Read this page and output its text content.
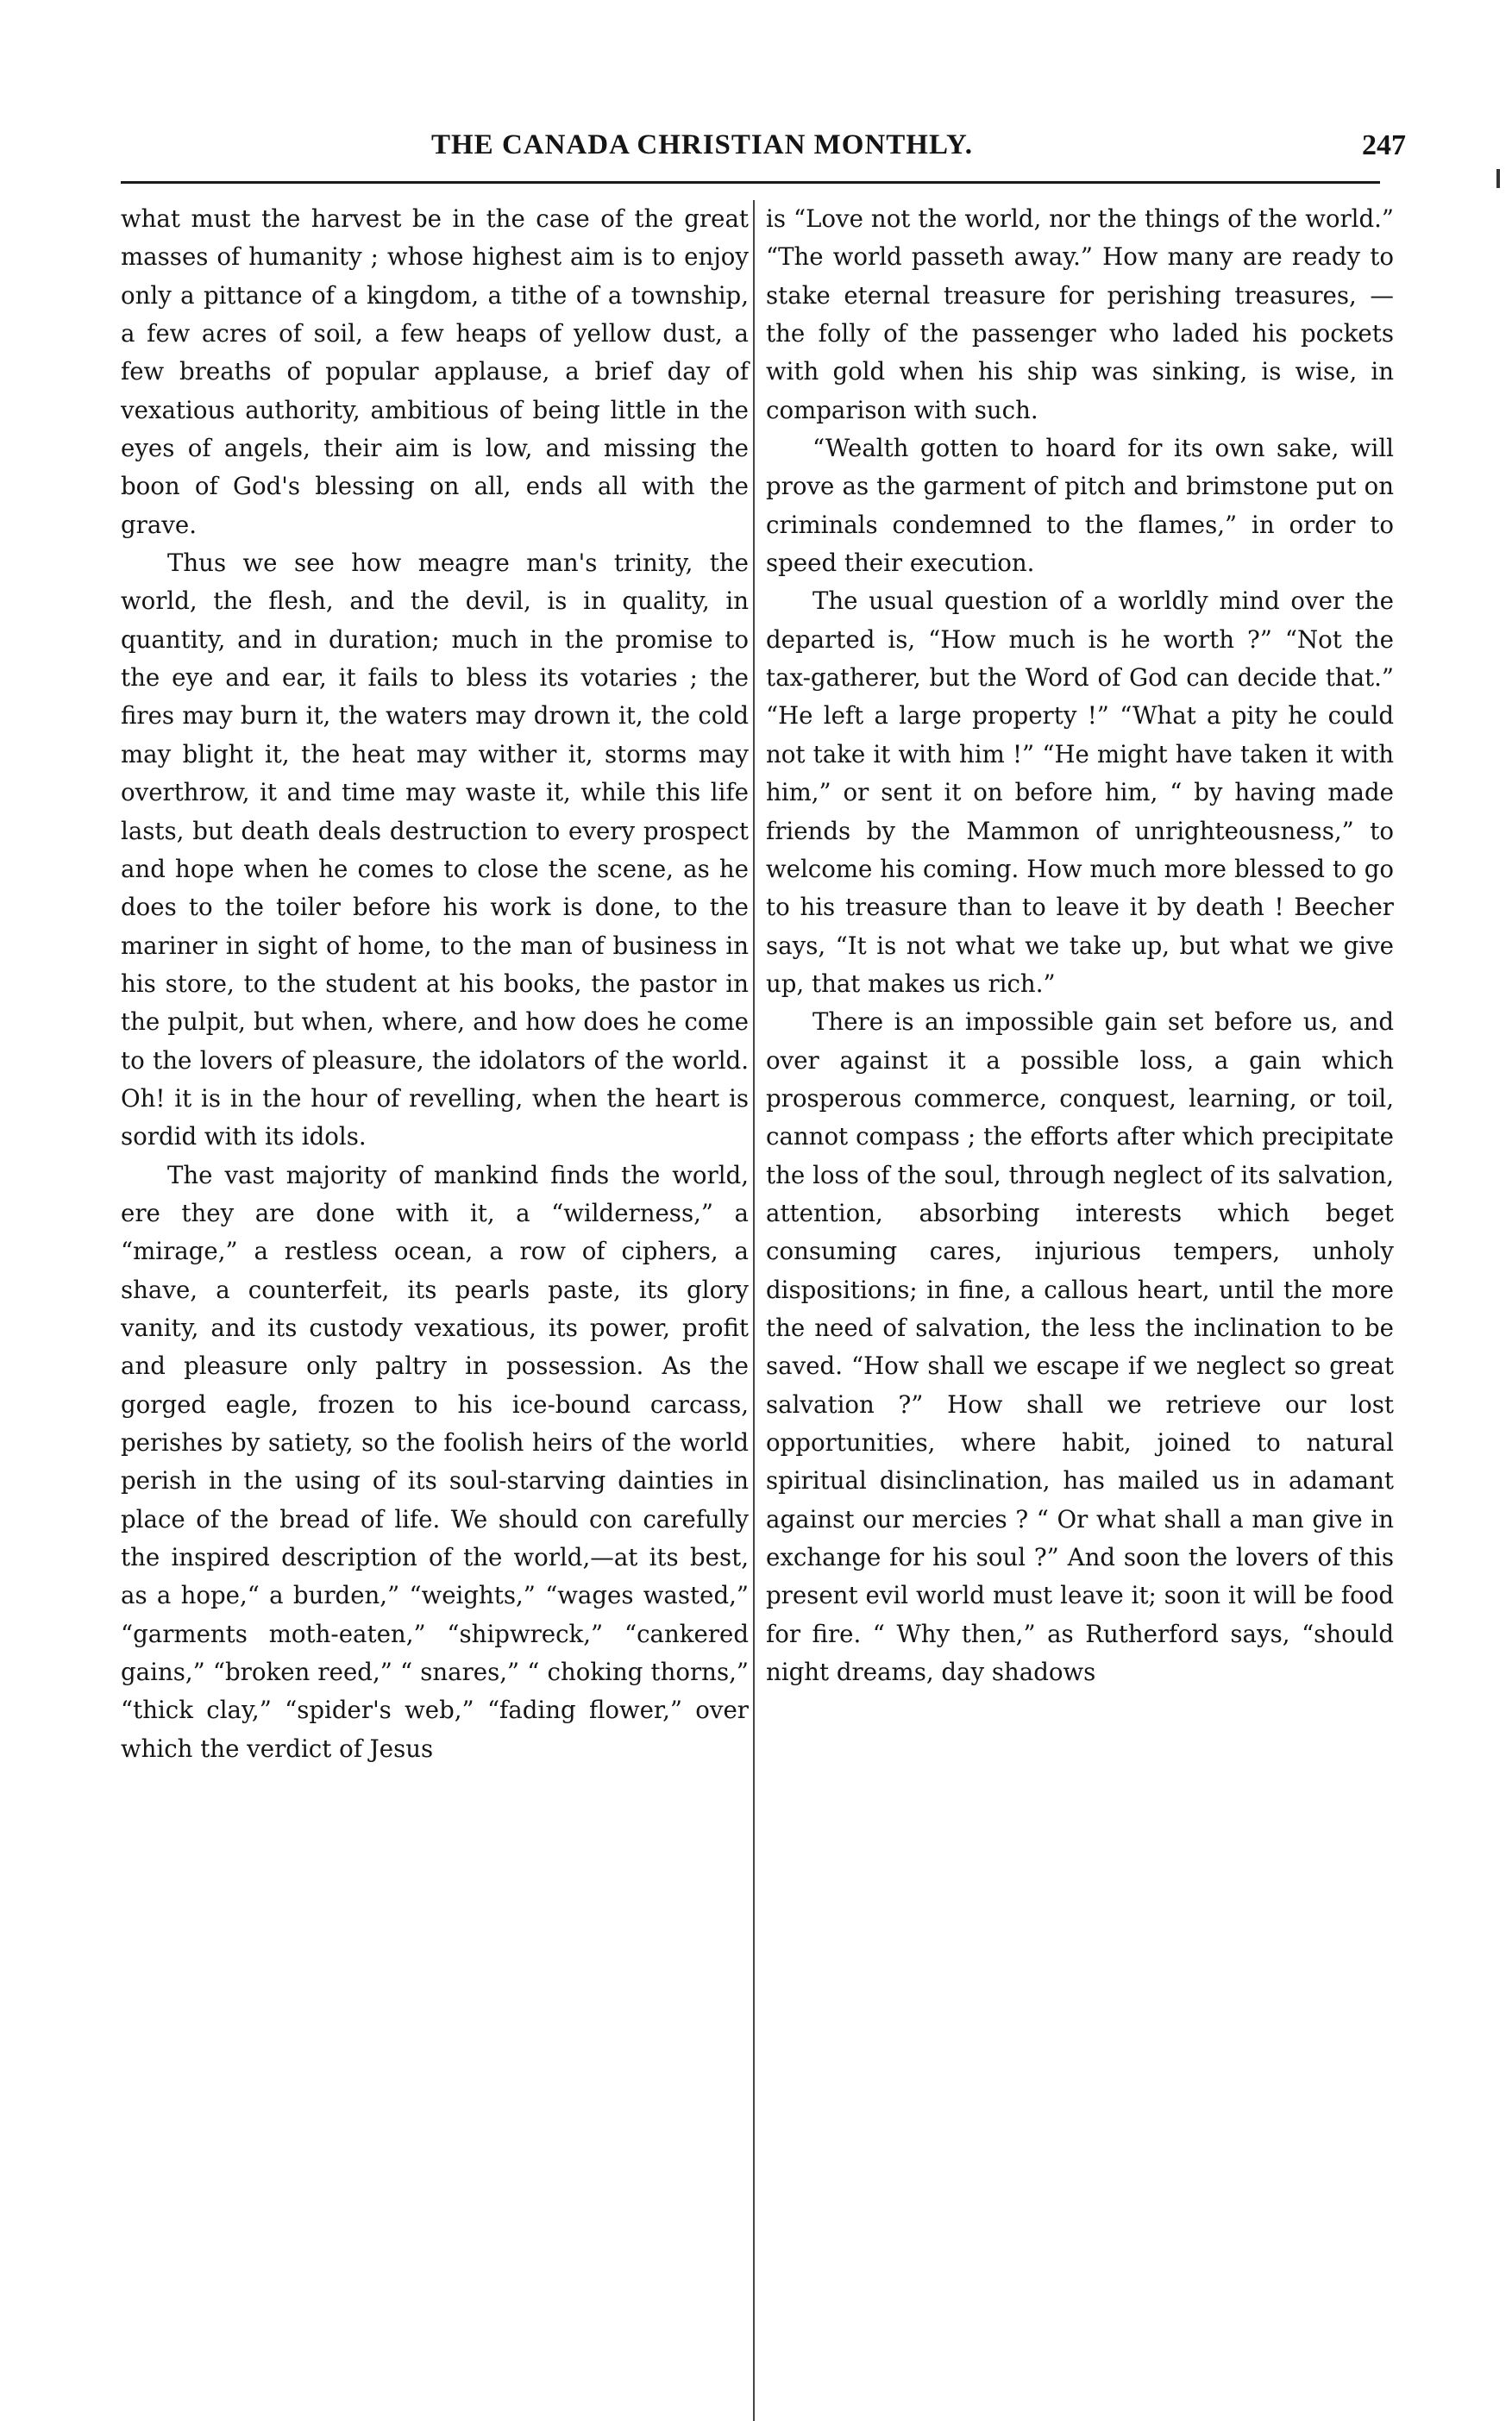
THE CANADA CHRISTIAN MONTHLY.	247

what must the harvest be in the case of the great masses of humanity ; whose highest aim is to enjoy only a pittance of a kingdom, a tithe of a township, a few acres of soil, a few heaps of yellow dust, a few breaths of popular applause, a brief day of vexatious authority, ambitious of being little in the eyes of angels, their aim is low, and missing the boon of God's blessing on all, ends all with the grave.

Thus we see how meagre man's trinity, the world, the flesh, and the devil, is in quality, in quantity, and in duration; much in the promise to the eye and ear, it fails to bless its votaries ; the fires may burn it, the waters may drown it, the cold may blight it, the heat may wither it, storms may overthrow, it and time may waste it, while this life lasts, but death deals destruction to every prospect and hope when he comes to close the scene, as he does to the toiler before his work is done, to the mariner in sight of home, to the man of business in his store, to the student at his books, the pastor in the pulpit, but when, where, and how does he come to the lovers of pleasure, the idolators of the world. Oh! it is in the hour of revelling, when the heart is sordid with its idols.

The vast majority of mankind finds the world, ere they are done with it, a “wilderness,” a “mirage,” a restless ocean, a row of ciphers, a shave, a counterfeit, its pearls paste, its glory vanity, and its custody vexatious, its power, profit and pleasure only paltry in possession. As the gorged eagle, frozen to his ice-bound carcass, perishes by satiety, so the foolish heirs of the world perish in the using of its soul-starving dainties in place of the bread of life. We should con carefully the inspired description of the world,—at its best, as a hope,“ a burden,” “weights,” “wages wasted,” “garments moth-eaten,” “shipwreck,” “cankered gains,” “broken reed,” “ snares,” “ choking thorns,” “thick clay,” “spider's web,” “fading flower,” over which the verdict of Jesus

is “Love not the world, nor the things of the world.” “The world passeth away.” How many are ready to stake eternal treasure for perishing treasures, —the folly of the passenger who laded his pockets with gold when his ship was sinking, is wise, in comparison with such.

“Wealth gotten to hoard for its own sake, will prove as the garment of pitch and brimstone put on criminals condemned to the flames,” in order to speed their execution.

The usual question of a worldly mind over the departed is, “How much is he worth ?” “Not the tax-gatherer, but the Word of God can decide that.” “He left a large property !” “What a pity he could not take it with him !” “He might have taken it with him,” or sent it on before him, “ by having made friends by the Mammon of unrighteousness,” to welcome his coming. How much more blessed to go to his treasure than to leave it by death ! Beecher says, “It is not what we take up, but what we give up, that makes us rich.”

There is an impossible gain set before us, and over against it a possible loss, a gain which prosperous commerce, conquest, learning, or toil, cannot compass ; the efforts after which precipitate the loss of the soul, through neglect of its salvation, attention, absorbing interests which beget consuming cares, injurious tempers, unholy dispositions; in fine, a callous heart, until the more the need of salvation, the less the inclination to be saved. “How shall we escape if we neglect so great salvation ?” How shall we retrieve our lost opportunities, where habit, joined to natural spiritual disinclination, has mailed us in adamant against our mercies ? “ Or what shall a man give in exchange for his soul ?” And soon the lovers of this present evil world must leave it; soon it will be food for fire. “ Why then,” as Rutherford says, “should night dreams, day shadows
